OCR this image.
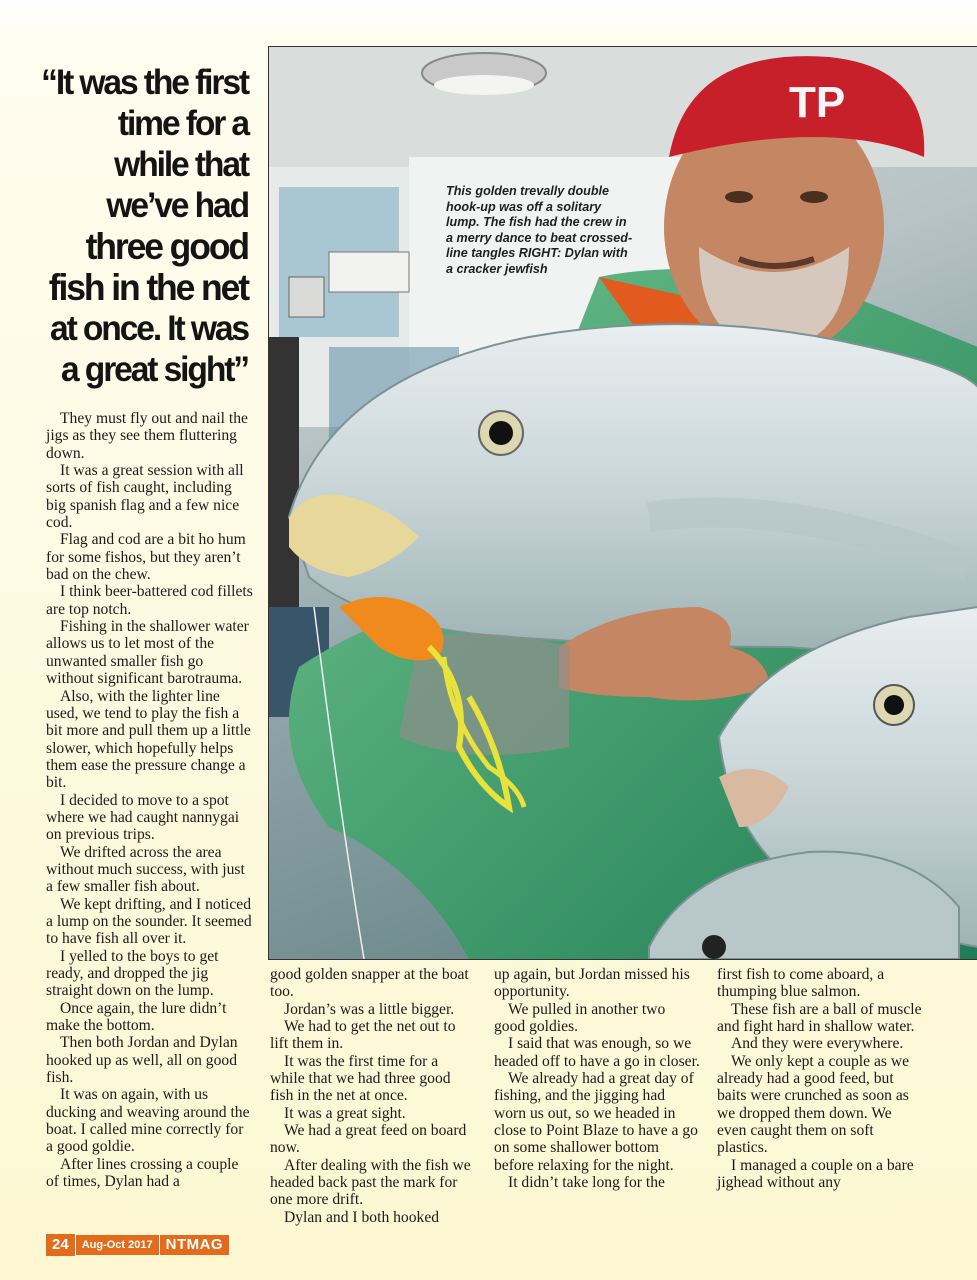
“It was the first
time for a
while that
we’ve had
three good
fish in the net
at once. It was
a great sight”

They must fly out and nail the jigs as they see them fluttering down.

It was a great session with all sorts of fish caught, including big spanish flag and a few nice cod.

Flag and cod are a bit ho hum for some fishos, but they aren’t bad on the chew.

I think beer-battered cod fillets are top notch.

Fishing in the shallower water allows us to let most of the unwanted smaller fish go without significant barotrauma.

Also, with the lighter line used, we tend to play the fish a bit more and pull them up a little slower, which hopefully helps them ease the pressure change a bit.

I decided to move to a spot where we had caught nannygai on previous trips.

We drifted across the area without much success, with just a few smaller fish about.

We kept drifting, and I noticed a lump on the sounder. It seemed to have fish all over it.

I yelled to the boys to get ready, and dropped the jig straight down on the lump.

Once again, the lure didn’t make the bottom.

Then both Jordan and Dylan hooked up as well, all on good fish.

It was on again, with us ducking and weaving around the boat. I called mine correctly for a good goldie.

After lines crossing a couple of times, Dylan had a

TP
This golden trevally double hook-up was off a solitary lump. The fish had the crew in a merry dance to beat crossed-line tangles RIGHT: Dylan with a cracker jewfish

good golden snapper at the boat too.

Jordan’s was a little bigger.

We had to get the net out to lift them in.

It was the first time for a while that we had three good fish in the net at once.

It was a great sight.

We had a great feed on board now.

After dealing with the fish we headed back past the mark for one more drift.

Dylan and I both hooked

up again, but Jordan missed his opportunity.

We pulled in another two good goldies.

I said that was enough, so we headed off to have a go in closer.

We already had a great day of fishing, and the jigging had worn us out, so we headed in close to Point Blaze to have a go on some shallower bottom before relaxing for the night.

It didn’t take long for the

first fish to come aboard, a thumping blue salmon.

These fish are a ball of muscle and fight hard in shallow water.

And they were everywhere.

We only kept a couple as we already had a good feed, but baits were crunched as soon as we dropped them down. We even caught them on soft plastics.

I managed a couple on a bare jighead without any

24	Aug-Oct 2017 NTMAG
